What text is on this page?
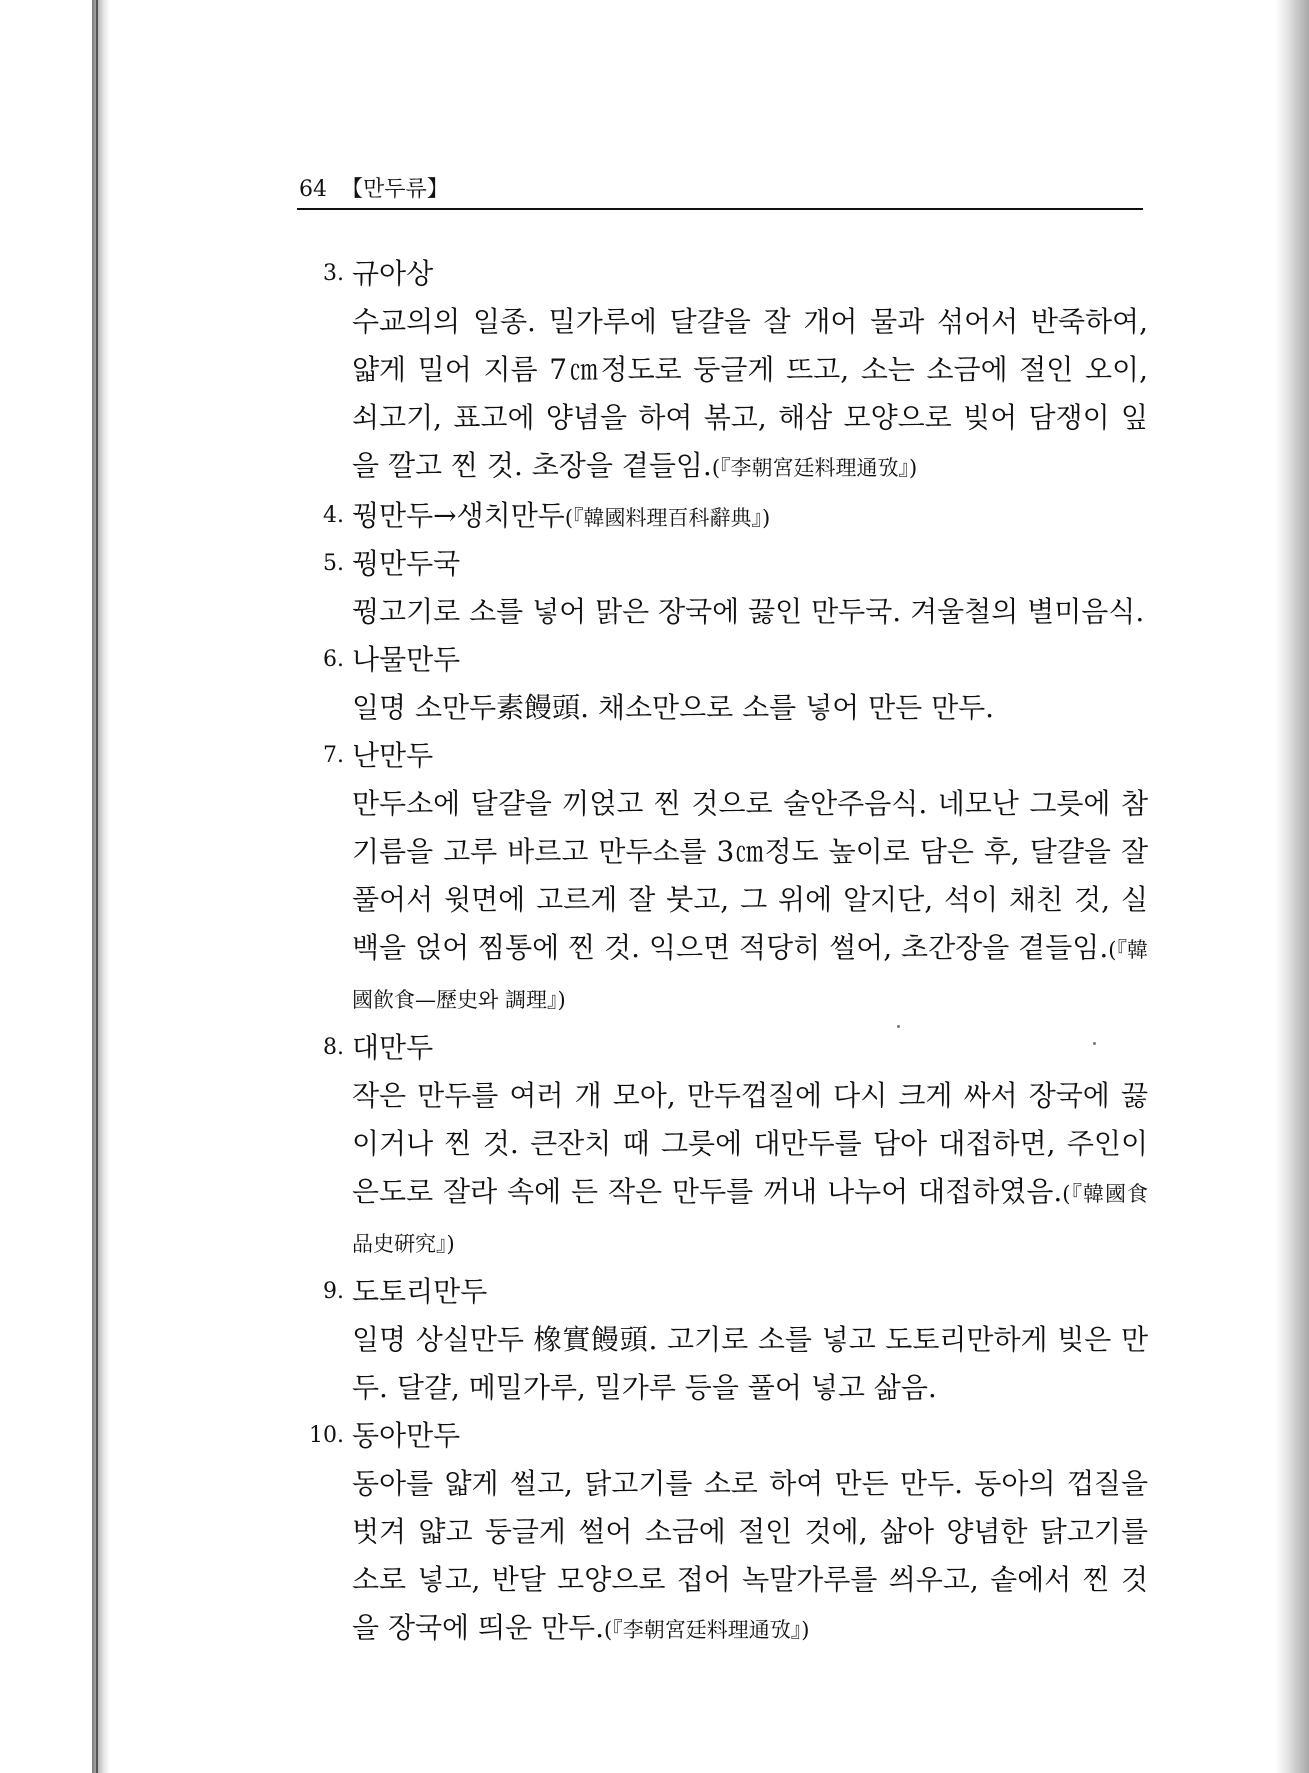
64 【만두류】
3. 규아상

수교의의 일종. 밀가루에 달걀을 잘 개어 물과 섞어서 반죽하여, 얇게 밀어 지름 7㎝정도로 둥글게 뜨고, 소는 소금에 절인 오이, 쇠고기, 표고에 양념을 하여 볶고, 해삼 모양으로 빚어 담쟁이 잎을 깔고 찐 것. 초장을 곁들임.(『李朝宮廷料理通攷』)

4. 꿩만두→생치만두(『韓國料理百科辭典』)
5. 꿩만두국

꿩고기로 소를 넣어 맑은 장국에 끓인 만두국. 겨울철의 별미음식.

6. 나물만두

일명 소만두素饅頭. 채소만으로 소를 넣어 만든 만두.

7. 난만두

만두소에 달걀을 끼얹고 찐 것으로 술안주음식. 네모난 그릇에 참기름을 고루 바르고 만두소를 3㎝정도 높이로 담은 후, 달걀을 잘 풀어서 윗면에 고르게 잘 붓고, 그 위에 알지단, 석이 채친 것, 실백을 얹어 찜통에 찐 것. 익으면 적당히 썰어, 초간장을 곁들임.(『韓國飮食—歷史와 調理』)

8. 대만두

작은 만두를 여러 개 모아, 만두껍질에 다시 크게 싸서 장국에 끓이거나 찐 것. 큰잔치 때 그릇에 대만두를 담아 대접하면, 주인이 은도로 잘라 속에 든 작은 만두를 꺼내 나누어 대접하였음.(『韓國食品史硏究』)

9. 도토리만두

일명 상실만두 橡實饅頭. 고기로 소를 넣고 도토리만하게 빚은 만두. 달걀, 메밀가루, 밀가루 등을 풀어 넣고 삶음.

10. 동아만두

동아를 얇게 썰고, 닭고기를 소로 하여 만든 만두. 동아의 껍질을 벗겨 얇고 둥글게 썰어 소금에 절인 것에, 삶아 양념한 닭고기를 소로 넣고, 반달 모양으로 접어 녹말가루를 씌우고, 솥에서 찐 것을 장국에 띄운 만두.(『李朝宮廷料理通攷』)
